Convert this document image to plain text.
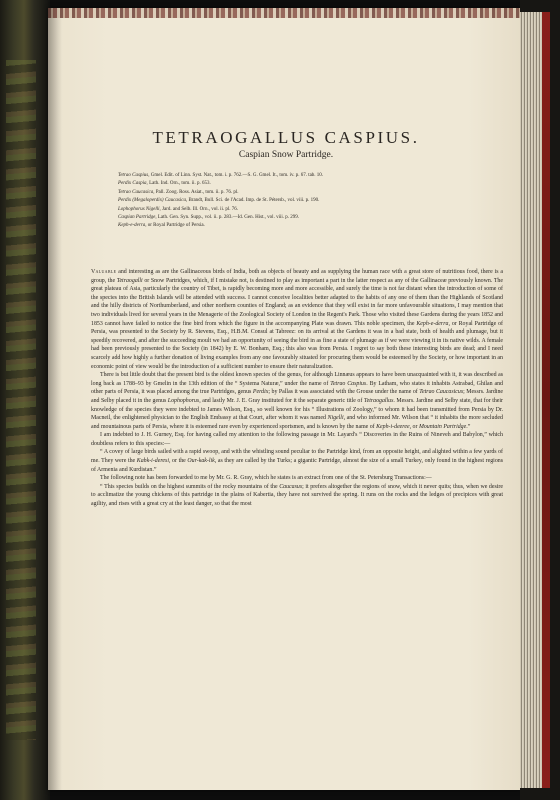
TETRAOGALLUS CASPIUS.
Caspian Snow Partridge.
Tetrao Caspius, Gmel. Edit. of Linn. Syst. Nat., tom. i. p. 762.—S. G. Gmel. It., tom. iv. p. 67. tab. 10.
Perdix Caspia, Lath. Ind. Orn., tom. ii. p. 653.
Tetrao Caucasica, Pall. Zoog. Ross. Asiat., tom. ii. p. 76. pl.
Perdix (Megaloperdix) Caucasica, Brandt, Bull. Sci. de l'Acad. Imp. de St. Pétersb., vol. viii. p. 190.
Lophophorus Nigelli, Jard. and Selb. Ill. Orn., vol. ii. pl. 76.
Caspian Partridge, Lath. Gen. Syn. Supp., vol. ii. p. 283.—Id. Gen. Hist., vol. viii. p. 299.
Keph-e-derra, or Royal Partridge of Persia.

Valuable and interesting as are the Gallinaceous birds of India, both as objects of beauty and as supplying the human race with a great store of nutritious food, there is a group, the Tetraogalli or Snow Partridges, which, if I mistake not, is destined to play as important a part in the latter respect as any of the Gallinaceæ previously known. The great plateau of Asia, particularly the country of Tibet, is rapidly becoming more and more accessible, and surely the time is not far distant when the introduction of some of the species into the British Islands will be attended with success. I cannot conceive localities better adapted to the habits of any one of them than the Highlands of Scotland and the hilly districts of Northumberland, and other northern counties of England; as an evidence that they will exist in far more unfavourable situations, I may mention that two individuals lived for several years in the Menagerie of the Zoological Society of London in the Regent's Park. Those who visited these Gardens during the years 1852 and 1853 cannot have failed to notice the fine bird from which the figure in the accompanying Plate was drawn. This noble specimen, the Keph-e-derra, or Royal Partridge of Persia, was presented to the Society by R. Stevens, Esq., H.B.M. Consul at Tabreez: on its arrival at the Gardens it was in a bad state, both of health and plumage, but it speedily recovered, and after the succeeding moult we had an opportunity of seeing the bird in as fine a state of plumage as if we were viewing it in its native wilds. A female had been previously presented to the Society (in 1842) by E. W. Bonham, Esq.; this also was from Persia. I regret to say both these interesting birds are dead; and I need scarcely add how highly a further donation of living examples from any one favourably situated for procuring them would be esteemed by the Society, or how important in an economic point of view would be the introduction of a sufficient number to ensure their naturalization.

There is but little doubt that the present bird is the oldest known species of the genus, for although Linnæus appears to have been unacquainted with it, it was described as long back as 1788–93 by Gmelin in the 13th edition of the “ Systema Naturæ,” under the name of Tetrao Caspius. By Latham, who states it inhabits Astrabad, Ghilan and other parts of Persia, it was placed among the true Partridges, genus Perdix; by Pallas it was associated with the Grouse under the name of Tetrao Caucasicus; Messrs. Jardine and Selby placed it in the genus Lophophorus, and lastly Mr. J. E. Gray instituted for it the separate generic title of Tetraogallus. Messrs. Jardine and Selby state, that for their knowledge of the species they were indebted to James Wilson, Esq., so well known for his “ Illustrations of Zoology,” to whom it had been transmitted from Persia by Dr. Macneil, the enlightened physician to the English Embassy at that Court, after whom it was named Nigelli, and who informed Mr. Wilson that “ it inhabits the more secluded and mountainous parts of Persia, where it is esteemed rare even by experienced sportsmen, and is known by the name of Keph-i-deeree, or Mountain Partridge.”

I am indebted to J. H. Gurney, Esq. for having called my attention to the following passage in Mr. Layard's “ Discoveries in the Ruins of Nineveh and Babylon,” which doubtless refers to this species:—

“ A covey of large birds sailed with a rapid swoop, and with the whistling sound peculiar to the Partridge kind, from an opposite height, and alighted within a few yards of me. They were the Kabk-i-deresi, or the Our-kak-lik, as they are called by the Turks; a gigantic Partridge, almost the size of a small Turkey, only found in the highest regions of Armenia and Kurdistan.”

The following note has been forwarded to me by Mr. G. R. Gray, which he states is an extract from one of the St. Petersburg Transactions:—

“ This species builds on the highest summits of the rocky mountains of the Caucasus; it prefers altogether the regions of snow, which it never quits; thus, when we desire to acclimatize the young chickens of this partridge in the plains of Kabertia, they have not survived the spring. It runs on the rocks and the ledges of precipices with great agility, and rises with a great cry at the least danger, so that the most
